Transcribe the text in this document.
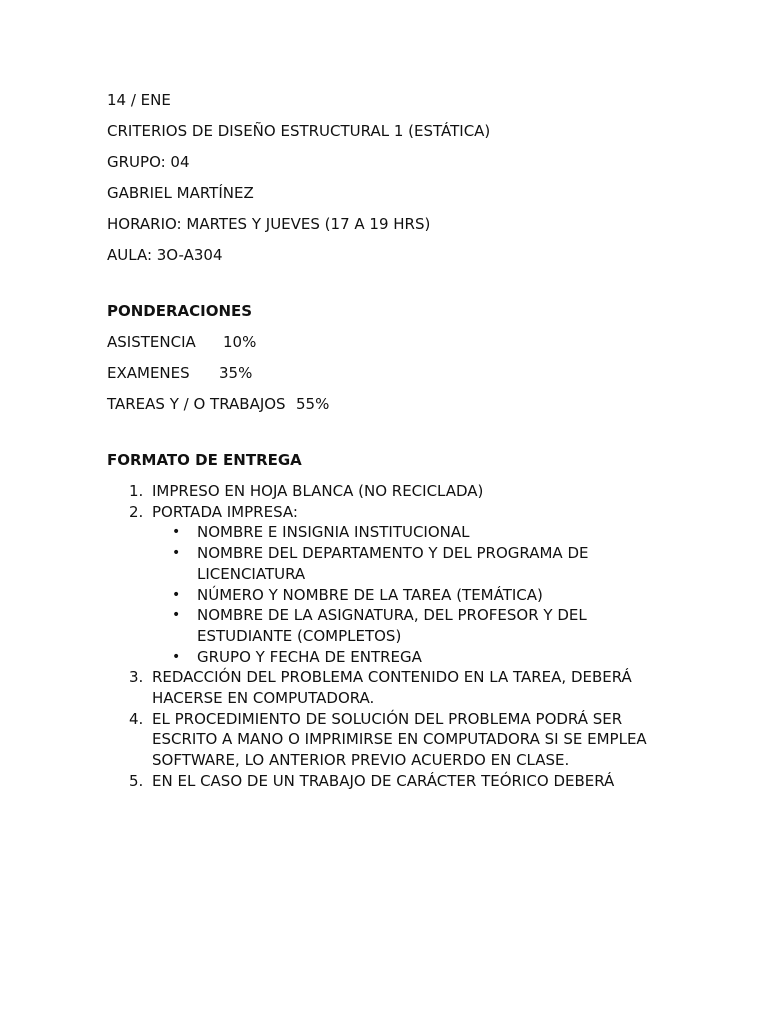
14 / ENE

CRITERIOS DE DISEÑO ESTRUCTURAL 1 (ESTÁTICA)

GRUPO: 04

GABRIEL MARTÍNEZ

HORARIO: MARTES Y JUEVES (17 A 19 HRS)

AULA: 3O-A304

PONDERACIONES

ASISTENCIA 10%

EXAMENES 35%

TAREAS Y / O TRABAJOS 55%

FORMATO DE ENTREGA

1. IMPRESO EN HOJA BLANCA (NO RECICLADA)
2. PORTADA IMPRESA:
• NOMBRE E INSIGNIA INSTITUCIONAL
• NOMBRE DEL DEPARTAMENTO Y DEL PROGRAMA DE LICENCIATURA
• NÚMERO Y NOMBRE DE LA TAREA (TEMÁTICA)
• NOMBRE DE LA ASIGNATURA, DEL PROFESOR Y DEL ESTUDIANTE (COMPLETOS)
• GRUPO Y FECHA DE ENTREGA
3. REDACCIÓN DEL PROBLEMA CONTENIDO EN LA TAREA, DEBERÁ HACERSE EN COMPUTADORA.
4. EL PROCEDIMIENTO DE SOLUCIÓN DEL PROBLEMA PODRÁ SER ESCRITO A MANO O IMPRIMIRSE EN COMPUTADORA SI SE EMPLEA SOFTWARE, LO ANTERIOR PREVIO ACUERDO EN CLASE.
5. EN EL CASO DE UN TRABAJO DE CARÁCTER TEÓRICO DEBERÁ
